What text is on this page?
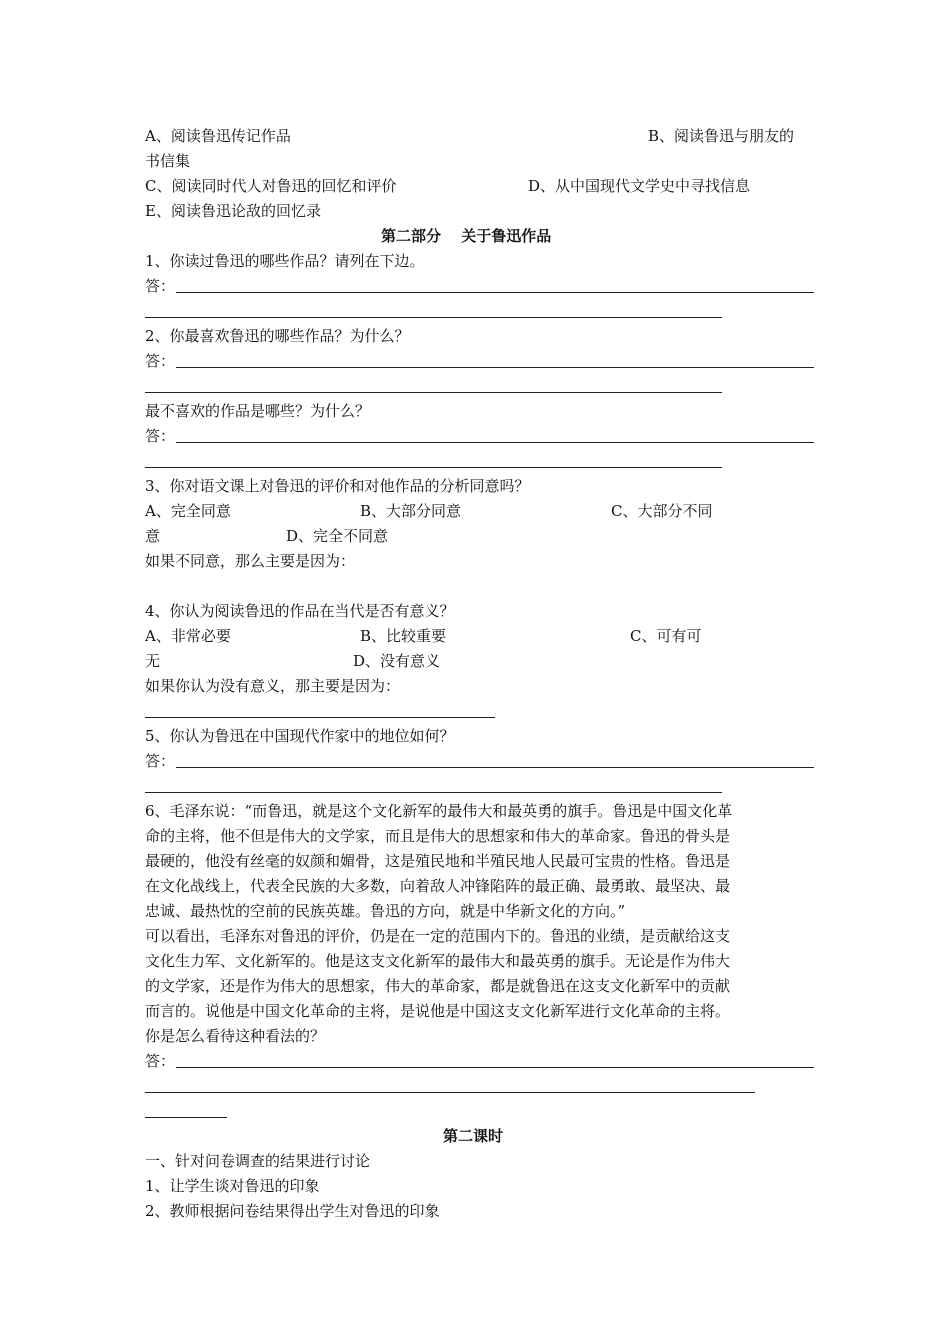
A、阅读鲁迅传记作品	B、阅读鲁迅与朋友的
书信集
C、阅读同时代人对鲁迅的回忆和评价	D、从中国现代文学史中寻找信息
E、阅读鲁迅论敌的回忆录
第二部分　 关于鲁迅作品
1、你读过鲁迅的哪些作品？请列在下边。
答：
2、你最喜欢鲁迅的哪些作品？为什么？
答：
最不喜欢的作品是哪些？为什么？
答：
3、你对语文课上对鲁迅的评价和对他作品的分析同意吗？
A、完全同意	B、大部分同意	C、大部分不同
意	D、完全不同意
如果不同意，那么主要是因为：
4、你认为阅读鲁迅的作品在当代是否有意义？
A、非常必要	B、比较重要	C、可有可
无	D、没有意义
如果你认为没有意义，那主要是因为：
5、你认为鲁迅在中国现代作家中的地位如何？
答：
6、毛泽东说：“而鲁迅，就是这个文化新军的最伟大和最英勇的旗手。鲁迅是中国文化革
命的主将，他不但是伟大的文学家，而且是伟大的思想家和伟大的革命家。鲁迅的骨头是
最硬的，他没有丝毫的奴颜和媚骨，这是殖民地和半殖民地人民最可宝贵的性格。鲁迅是
在文化战线上，代表全民族的大多数，向着敌人冲锋陷阵的最正确、最勇敢、最坚决、最
忠诚、最热忱的空前的民族英雄。鲁迅的方向，就是中华新文化的方向。”
可以看出，毛泽东对鲁迅的评价，仍是在一定的范围内下的。鲁迅的业绩，是贡献给这支
文化生力军、文化新军的。他是这支文化新军的最伟大和最英勇的旗手。无论是作为伟大
的文学家，还是作为伟大的思想家，伟大的革命家，都是就鲁迅在这支文化新军中的贡献
而言的。说他是中国文化革命的主将，是说他是中国这支文化新军进行文化革命的主将。
你是怎么看待这种看法的？
答：
第二课时
一、针对问卷调查的结果进行讨论
1、让学生谈对鲁迅的印象
2、教师根据问卷结果得出学生对鲁迅的印象
